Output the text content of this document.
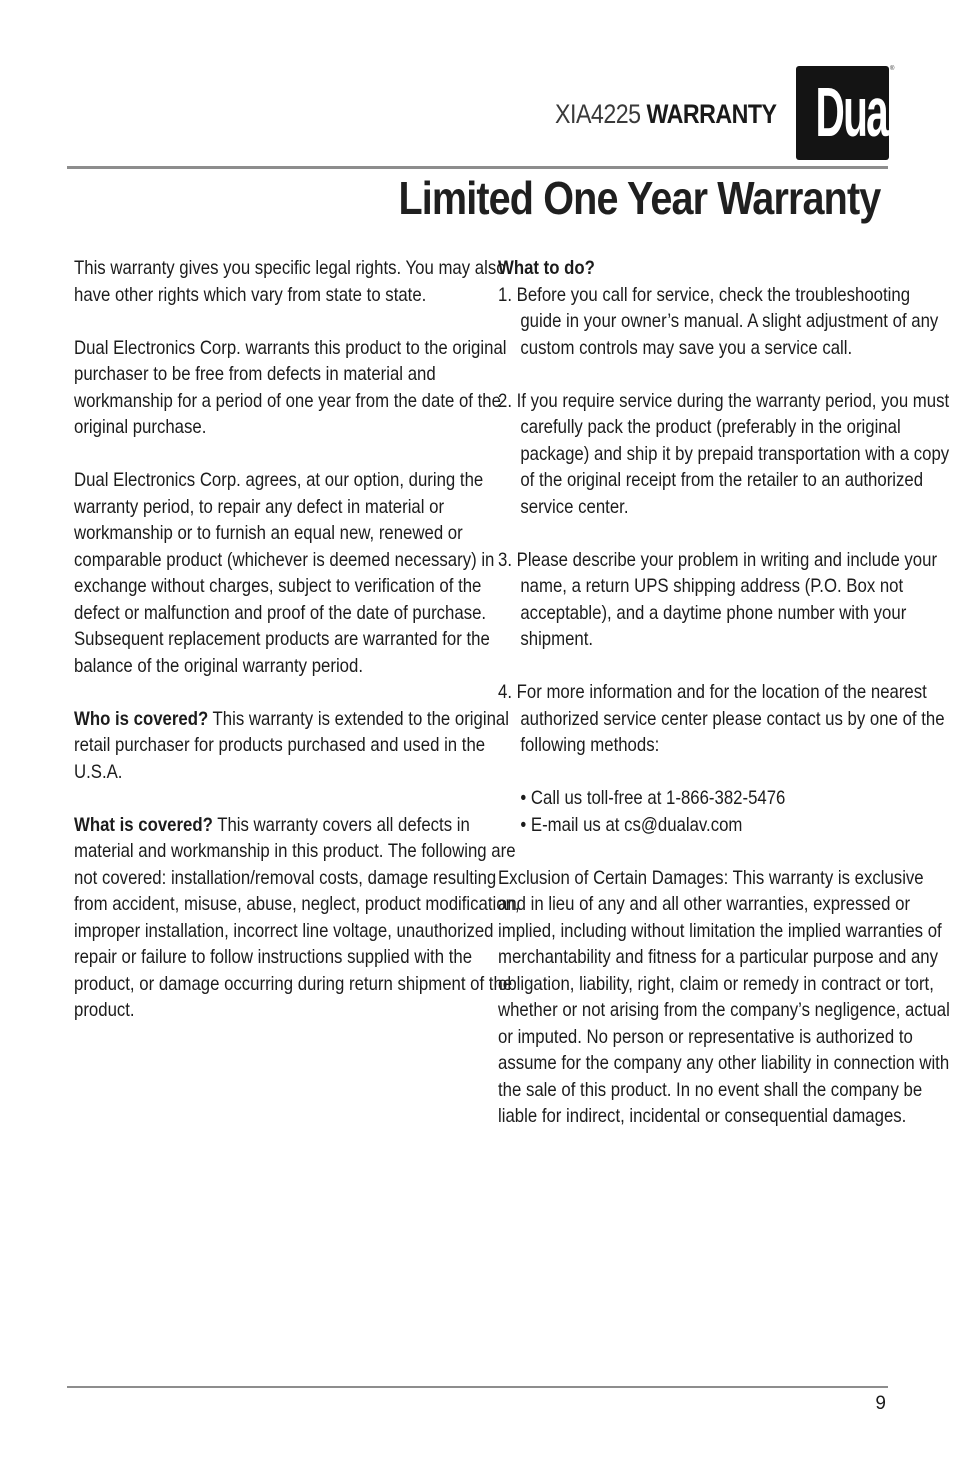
XIA4225 WARRANTY Dual
®
Limited One Year Warranty

This warranty gives you specific legal rights. You may also have other rights which vary from state to state.

Dual Electronics Corp. warrants this product to the original purchaser to be free from defects in material and workmanship for a period of one year from the date of the original purchase.

Dual Electronics Corp. agrees, at our option, during the warranty period, to repair any defect in material or workmanship or to furnish an equal new, renewed or comparable product (whichever is deemed necessary) in exchange without charges, subject to verification of the defect or malfunction and proof of the date of purchase. Subsequent replacement products are warranted for the balance of the original warranty period.

Who is covered? This warranty is extended to the original retail purchaser for products purchased and used in the U.S.A.

What is covered? This warranty covers all defects in material and workmanship in this product. The following are not covered: installation/removal costs, damage resulting from accident, misuse, abuse, neglect, product modification, improper installation, incorrect line voltage, unauthorized repair or failure to follow instructions supplied with the product, or damage occurring during return shipment of the product.

What to do?

1. Before you call for service, check the troubleshooting guide in your owner’s manual. A slight adjustment of any custom controls may save you a service call.
2. If you require service during the warranty period, you must carefully pack the product (preferably in the original package) and ship it by prepaid transportation with a copy of the original receipt from the retailer to an authorized service center.
3. Please describe your problem in writing and include your name, a return UPS shipping address (P.O. Box not acceptable), and a daytime phone number with your shipment.
4. For more information and for the location of the nearest authorized service center please contact us by one of the following methods:
• Call us toll-free at 1-866-382-5476
• E-mail us at cs@dualav.com

Exclusion of Certain Damages: This warranty is exclusive and in lieu of any and all other warranties, expressed or implied, including without limitation the implied warranties of merchantability and fitness for a particular purpose and any obligation, liability, right, claim or remedy in contract or tort, whether or not arising from the company’s negligence, actual or imputed. No person or representative is authorized to assume for the company any other liability in connection with the sale of this product. In no event shall the company be liable for indirect, incidental or consequential damages.

9
